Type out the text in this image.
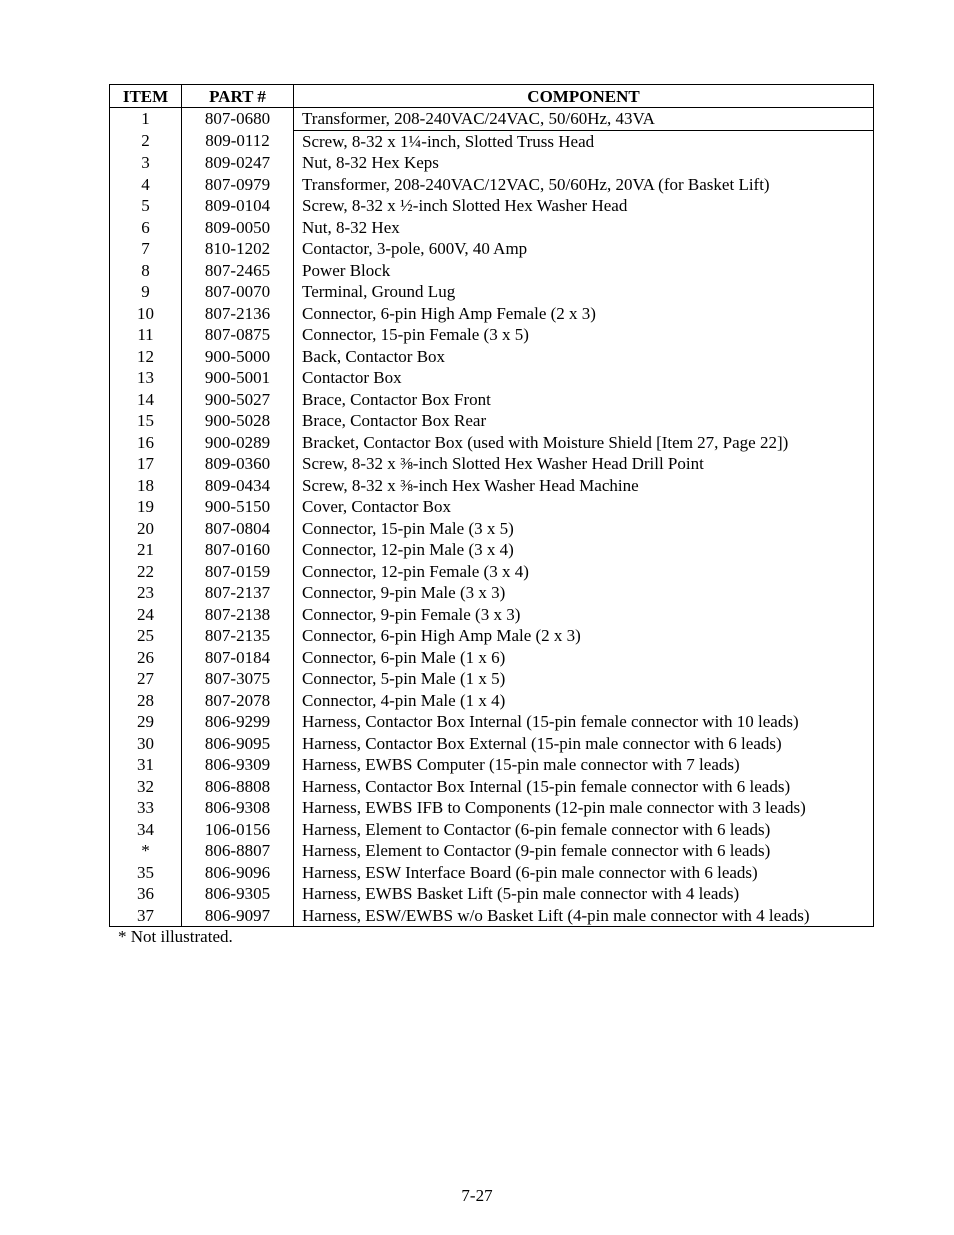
ITEM	PART #	COMPONENT
1	807-0680	Transformer, 208-240VAC/24VAC, 50/60Hz, 43VA
2	809-0112	Screw, 8-32 x 1¼-inch, Slotted Truss Head
3	809-0247	Nut, 8-32 Hex Keps
4	807-0979	Transformer, 208-240VAC/12VAC, 50/60Hz, 20VA (for Basket Lift)
5	809-0104	Screw, 8-32 x ½-inch Slotted Hex Washer Head
6	809-0050	Nut, 8-32 Hex
7	810-1202	Contactor, 3-pole, 600V, 40 Amp
8	807-2465	Power Block
9	807-0070	Terminal, Ground Lug
10	807-2136	Connector, 6-pin High Amp Female (2 x 3)
11	807-0875	Connector, 15-pin Female (3 x 5)
12	900-5000	Back, Contactor Box
13	900-5001	Contactor Box
14	900-5027	Brace, Contactor Box Front
15	900-5028	Brace, Contactor Box Rear
16	900-0289	Bracket, Contactor Box (used with Moisture Shield [Item 27, Page 22])
17	809-0360	Screw, 8-32 x ⅜-inch Slotted Hex Washer Head Drill Point
18	809-0434	Screw, 8-32 x ⅜-inch Hex Washer Head Machine
19	900-5150	Cover, Contactor Box
20	807-0804	Connector, 15-pin Male (3 x 5)
21	807-0160	Connector, 12-pin Male (3 x 4)
22	807-0159	Connector, 12-pin Female (3 x 4)
23	807-2137	Connector, 9-pin Male (3 x 3)
24	807-2138	Connector, 9-pin Female (3 x 3)
25	807-2135	Connector, 6-pin High Amp Male (2 x 3)
26	807-0184	Connector, 6-pin Male (1 x 6)
27	807-3075	Connector, 5-pin Male (1 x 5)
28	807-2078	Connector, 4-pin Male (1 x 4)
29	806-9299	Harness, Contactor Box Internal (15-pin female connector with 10 leads)
30	806-9095	Harness, Contactor Box External (15-pin male connector with 6 leads)
31	806-9309	Harness, EWBS Computer (15-pin male connector with 7 leads)
32	806-8808	Harness, Contactor Box Internal (15-pin female connector with 6 leads)
33	806-9308	Harness, EWBS IFB to Components (12-pin male connector with 3 leads)
34	106-0156	Harness, Element to Contactor (6-pin female connector with 6 leads)
*	806-8807	Harness, Element to Contactor (9-pin female connector with 6 leads)
35	806-9096	Harness, ESW Interface Board (6-pin male connector with 6 leads)
36	806-9305	Harness, EWBS Basket Lift (5-pin male connector with 4 leads)
37	806-9097	Harness, ESW/EWBS w/o Basket Lift (4-pin male connector with 4 leads)
* Not illustrated.
7-27
